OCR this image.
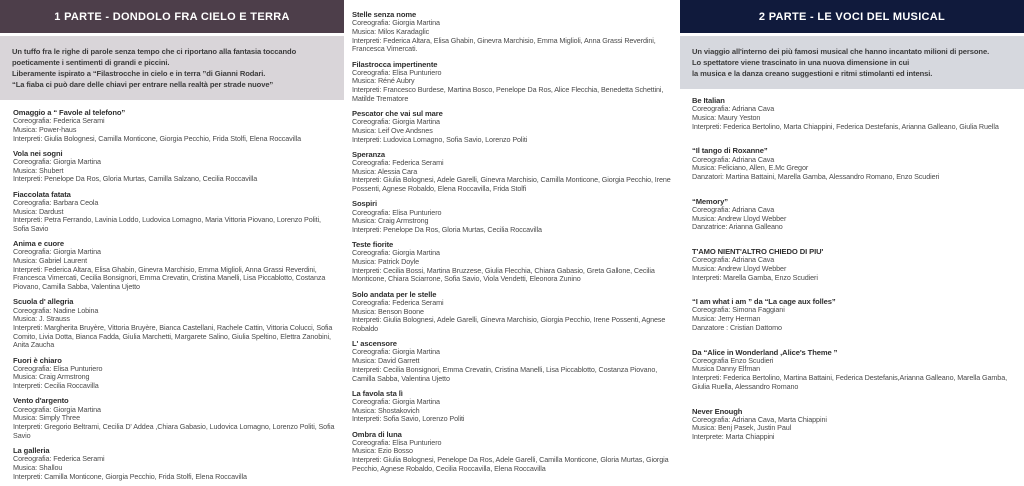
1 PARTE - DONDOLO FRA CIELO E TERRA
Un tuffo fra le righe di parole senza tempo che ci riportano alla fantasia toccando
poeticamente i sentimenti di grandi e piccini.
Liberamente ispirato a “Filastrocche in cielo e in terra ”di Gianni Rodari.
“La fiaba ci può dare delle chiavi per entrare nella realtà per strade nuove”
Omaggio a “ Favole al telefono”
Coreografia: Federica Serami
Musica: Power-haus
Interpreti: Giulia Bolognesi, Camilla Monticone, Giorgia Pecchio, Frida Stolfi, Elena Roccavilla
Vola nei sogni
Coreografia: Giorgia Martina
Musica: Shubert
Interpreti: Penelope Da Ros, Gloria Murtas, Camilla Salzano, Cecilia Roccavilla
Fiaccolata fatata
Coreografia: Barbara Ceola
Musica: Dardust
Interpreti: Petra Ferrando, Lavinia Loddo, Ludovica Lomagno, Maria Vittoria Piovano, Lorenzo Politi, Sofia Savio
Anima e cuore
Coreografia: Giorgia Martina
Musica: Gabriel Laurent
Interpreti: Federica Altara, Elisa Ghabin, Ginevra Marchisio, Emma Miglioli, Anna Grassi Reverdini, Francesca Vimercati, Cecilia Bonsignori, Emma Crevatin, Cristina Manelli, Lisa Piccablotto, Costanza Piovano, Camilla Sabba, Valentina Ujetto
Scuola d' allegria
Coreografia: Nadine Lobina
Musica: J. Strauss
Interpreti: Margherita Bruyère, Vittoria Bruyère, Bianca Castellani, Rachele Cattin, Vittoria Colucci, Sofia Comito, Livia Dotta, Bianca Fadda, Giulia Marchetti, Margarete Salino, Giulia Speltino, Elettra Zanobini, Anita Zaucha
Fuori è chiaro
Coreografia: Elisa Punturiero
Musica: Craig Armstrong
Interpreti: Cecilia Roccavilla
Vento d'argento
Coreografia: Giorgia Martina
Musica: Simply Three
Interpreti: Gregorio Beltrami, Cecilia D' Addea ,Chiara Gabasio, Ludovica Lomagno, Lorenzo Politi, Sofia Savio
La galleria
Coreografia: Federica Serami
Musica: Shallou
Interpreti: Camilla Monticone, Giorgia Pecchio, Frida Stolfi, Elena Roccavilla
Stelle senza nome
Coreografia: Giorgia Martina
Musica: Milos Karadaglic
Interpreti: Federica Altara, Elisa Ghabin, Ginevra Marchisio, Emma Miglioli, Anna Grassi Reverdini, Francesca Vimercati.
Filastrocca impertinente
Coreografia: Elisa Punturiero
Musica: Réné Aubry
Interpreti: Francesco Burdese, Martina Bosco, Penelope Da Ros, Alice Flecchia, Benedetta Schettini, Matilde Trematore
Pescator che vai sul mare
Coreografia: Giorgia Martina
Musica: Leif Ove Andsnes
Interpreti: Ludovica Lomagno, Sofia Savio, Lorenzo Politi
Speranza
Coreografia: Federica Serami
Musica: Alessia Cara
Interpreti: Giulia Bolognesi, Adele Garelli, Ginevra Marchisio, Camilla Monticone, Giorgia Pecchio, Irene Possenti, Agnese Robaldo, Elena Roccavilla, Frida Stolfi
Sospiri
Coreografia: Elisa Punturiero
Musica: Craig Armstrong
Interpreti: Penelope Da Ros, Gloria Murtas, Cecilia Roccavilla
Teste fiorite
Coreografia: Giorgia Martina
Musica: Patrick Doyle
Interpreti: Cecilia Bossi, Martina Bruzzese, Giulia Flecchia, Chiara Gabasio, Greta Gallone, Cecilia Monticone, Chiara Sciarrone, Sofia Savio, Viola Vendetti, Eleonora Zunino
Solo andata per le stelle
Coreografia: Federica Serami
Musica: Benson Boone
Interpreti: Giulia Bolognesi, Adele Garelli, Ginevra Marchisio, Giorgia Pecchio, Irene Possenti, Agnese Robaldo
L' ascensore
Coreografia: Giorgia Martina
Musica: David Garrett
Interpreti: Cecilia Bonsignori, Emma Crevatin, Cristina Manelli, Lisa Piccablotto, Costanza Piovano, Camilla Sabba, Valentina Ujetto
La favola sta lì
Coreografia: Giorgia Martina
Musica: Shostakovich
Interpreti: Sofia Savio, Lorenzo Politi
Ombra di luna
Coreografia: Elisa Punturiero
Musica: Ezio Bosso
Interpreti: Giulia Bolognesi, Penelope Da Ros, Adele Garelli, Camilla Monticone, Gloria Murtas, Giorgia Pecchio, Agnese Robaldo, Cecilia Roccavilla, Elena Roccavilla
2 PARTE - LE VOCI DEL MUSICAL
Un viaggio all'interno dei più famosi musical che hanno incantato milioni di persone.
Lo spettatore viene trascinato in una nuova dimensione in cui
la musica e la danza creano suggestioni e ritmi stimolanti ed intensi.
Be Italian
Coreografia: Adriana Cava
Musica: Maury Yeston
Interpreti: Federica Bertolino, Marta Chiappini, Federica Destefanis, Arianna Galleano, Giulia Ruella
“Il tango di Roxanne”
Coreografia: Adriana Cava
Musica: Feliciano, Allen, E.Mc Gregor
Danzatori: Martina Battaini, Marella Gamba, Alessandro Romano, Enzo Scudieri
“Memory”
Coreografia: Adriana Cava
Musica: Andrew Lloyd Webber
Danzatrice: Arianna Galleano
T'AMO NIENT'ALTRO CHIEDO DI PIU'
Coreografia: Adriana Cava
Musica: Andrew Lloyd Webber
Interpreti: Marella Gamba, Enzo Scudieri
“I am what i am ” da “La cage aux folles”
Coreografia: Simona Faggiani
Musica: Jerry Herman
Danzatore : Cristian Dattomo
Da “Alice in Wonderland ,Alice's Theme ”
Coreografia Enzo Scudieri
Musica Danny Elfman
Interpreti: Federica Bertolino, Martina Battaini, Federica Destefanis,Arianna Galleano, Marella Gamba,
Giulia Ruella, Alessandro Romano
Never Enough
Coreografia: Adriana Cava, Marta Chiappini
Musica: Benj Pasek, Justin Paul
Interprete: Marta Chiappini
